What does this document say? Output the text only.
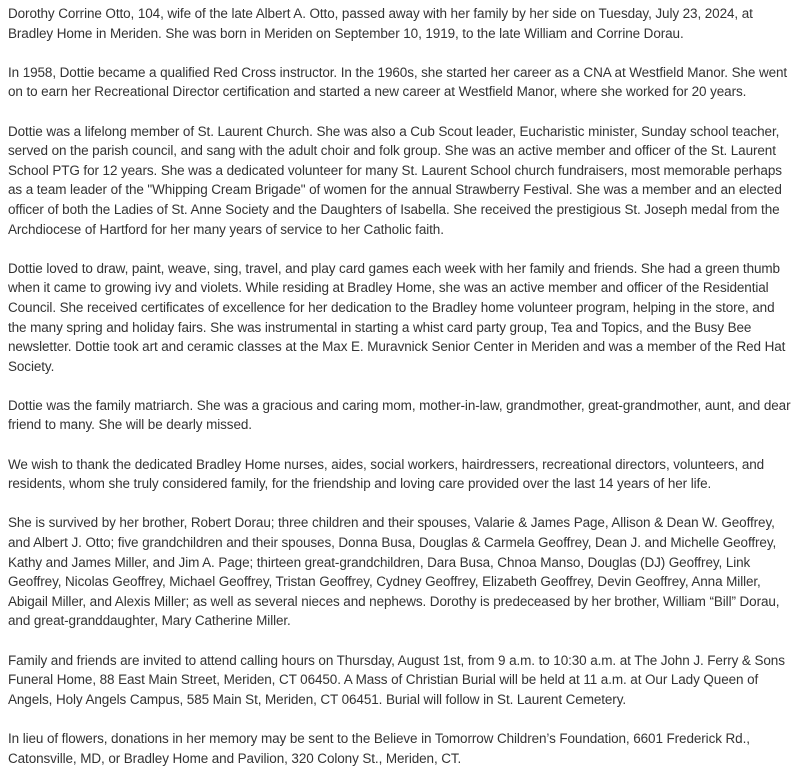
Dorothy Corrine Otto, 104, wife of the late Albert A. Otto, passed away with her family by her side on Tuesday, July 23, 2024, at Bradley Home in Meriden. She was born in Meriden on September 10, 1919, to the late William and Corrine Dorau.

In 1958, Dottie became a qualified Red Cross instructor. In the 1960s, she started her career as a CNA at Westfield Manor. She went on to earn her Recreational Director certification and started a new career at Westfield Manor, where she worked for 20 years.

Dottie was a lifelong member of St. Laurent Church. She was also a Cub Scout leader, Eucharistic minister, Sunday school teacher, served on the parish council, and sang with the adult choir and folk group. She was an active member and officer of the St. Laurent School PTG for 12 years. She was a dedicated volunteer for many St. Laurent School church fundraisers, most memorable perhaps as a team leader of the "Whipping Cream Brigade" of women for the annual Strawberry Festival. She was a member and an elected officer of both the Ladies of St. Anne Society and the Daughters of Isabella. She received the prestigious St. Joseph medal from the Archdiocese of Hartford for her many years of service to her Catholic faith.

Dottie loved to draw, paint, weave, sing, travel, and play card games each week with her family and friends. She had a green thumb when it came to growing ivy and violets. While residing at Bradley Home, she was an active member and officer of the Residential Council. She received certificates of excellence for her dedication to the Bradley home volunteer program, helping in the store, and the many spring and holiday fairs. She was instrumental in starting a whist card party group, Tea and Topics, and the Busy Bee newsletter. Dottie took art and ceramic classes at the Max E. Muravnick Senior Center in Meriden and was a member of the Red Hat Society.

Dottie was the family matriarch. She was a gracious and caring mom, mother-in-law, grandmother, great-grandmother, aunt, and dear friend to many. She will be dearly missed.

We wish to thank the dedicated Bradley Home nurses, aides, social workers, hairdressers, recreational directors, volunteers, and residents, whom she truly considered family, for the friendship and loving care provided over the last 14 years of her life.

She is survived by her brother, Robert Dorau; three children and their spouses, Valarie & James Page, Allison & Dean W. Geoffrey, and Albert J. Otto; five grandchildren and their spouses, Donna Busa, Douglas & Carmela Geoffrey, Dean J. and Michelle Geoffrey, Kathy and James Miller, and Jim A. Page; thirteen great-grandchildren, Dara Busa, Chnoa Manso, Douglas (DJ) Geoffrey, Link Geoffrey, Nicolas Geoffrey, Michael Geoffrey, Tristan Geoffrey, Cydney Geoffrey, Elizabeth Geoffrey, Devin Geoffrey, Anna Miller, Abigail Miller, and Alexis Miller; as well as several nieces and nephews. Dorothy is predeceased by her brother, William “Bill” Dorau, and great-granddaughter, Mary Catherine Miller.

Family and friends are invited to attend calling hours on Thursday, August 1st, from 9 a.m. to 10:30 a.m. at The John J. Ferry & Sons Funeral Home, 88 East Main Street, Meriden, CT 06450. A Mass of Christian Burial will be held at 11 a.m. at Our Lady Queen of Angels, Holy Angels Campus, 585 Main St, Meriden, CT 06451. Burial will follow in St. Laurent Cemetery.

In lieu of flowers, donations in her memory may be sent to the Believe in Tomorrow Children’s Foundation, 6601 Frederick Rd., Catonsville, MD, or Bradley Home and Pavilion, 320 Colony St., Meriden, CT.
